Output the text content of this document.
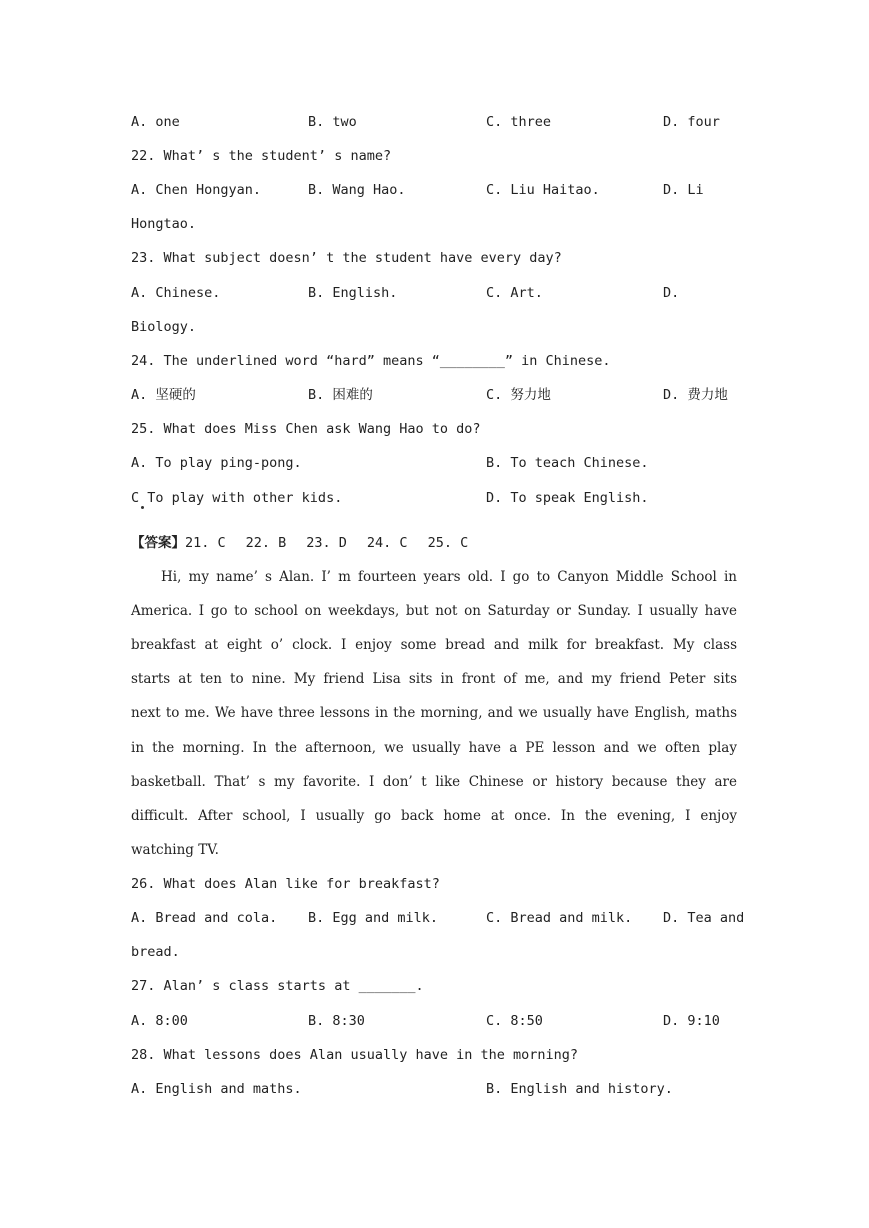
A. one	B. two	C. three	D. four
22. What’ s the student’ s name?
A. Chen Hongyan.	B. Wang Hao.	C. Liu Haitao.	D. Li
Hongtao.
23. What subject doesn’ t the student have every day?
A. Chinese.	B. English.	C. Art.	D.
Biology.
24. The underlined word “hard” means “________” in Chinese.
A. 坚硬的	B. 困难的	C. 努力地	D. 费力地
25. What does Miss Chen ask Wang Hao to do?
A. To play ping-pong.	B. To teach Chinese.
C To play with other kids.	D. To speak English.
【答案】21. C 22. B 23. D 24. C 25. C
Hi, my name’ s Alan. I’ m fourteen years old. I go to Canyon Middle School in
America. I go to school on weekdays, but not on Saturday or Sunday. I usually have
breakfast at eight o’ clock. I enjoy some bread and milk for breakfast. My class
starts at ten to nine. My friend Lisa sits in front of me, and my friend Peter sits
next to me. We have three lessons in the morning, and we usually have English, maths
in the morning. In the afternoon, we usually have a PE lesson and we often play
basketball. That’ s my favorite. I don’ t like Chinese or history because they are
difficult. After school, I usually go back home at once. In the evening, I enjoy
watching TV.
26. What does Alan like for breakfast?
A. Bread and cola. B. Egg and milk.	C. Bread and milk. D. Tea and
bread.
27. Alan’ s class starts at _______.
A. 8:00	B. 8:30	C. 8:50	D. 9:10
28. What lessons does Alan usually have in the morning?
A. English and maths.	B. English and history.
